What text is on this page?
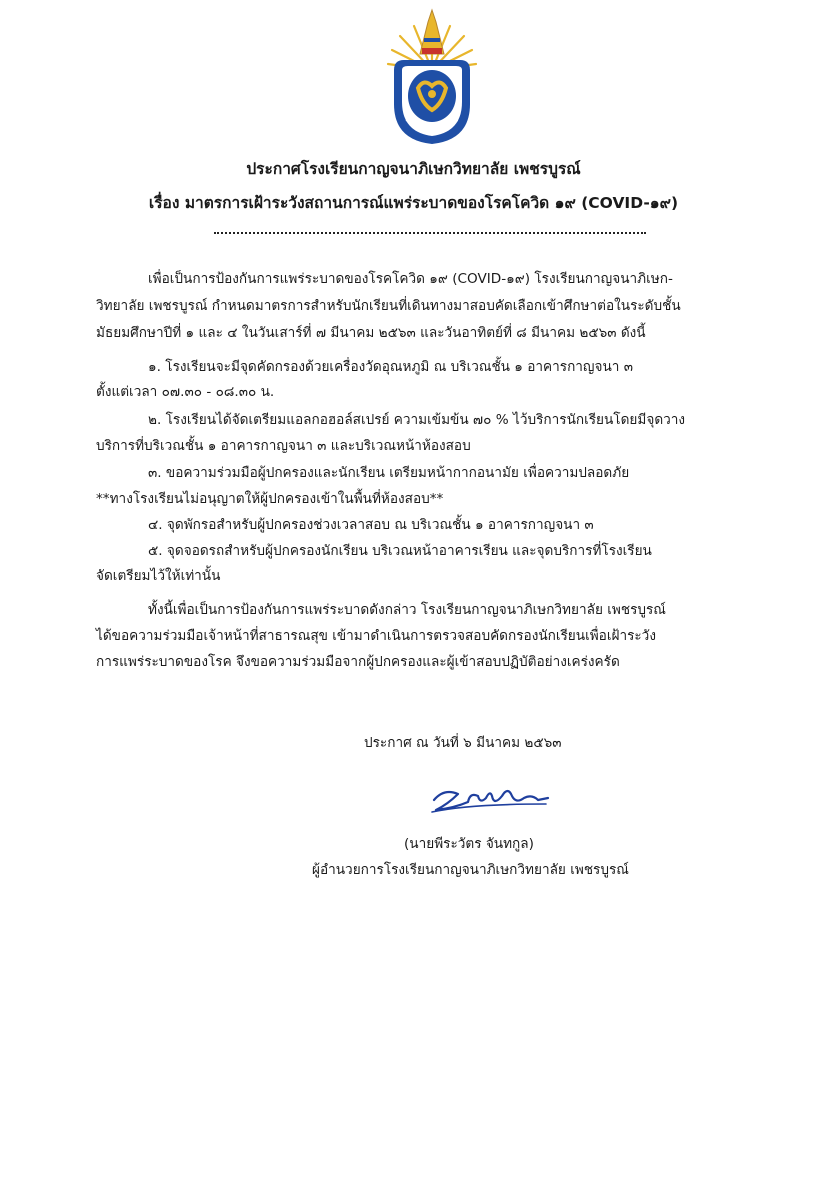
ประกาศโรงเรียนกาญจนาภิเษกวิทยาลัย เพชรบูรณ์
เรื่อง มาตรการเฝ้าระวังสถานการณ์แพร่ระบาดของโรคโควิด ๑๙ (COVID-๑๙)
เพื่อเป็นการป้องกันการแพร่ระบาดของโรคโควิด ๑๙ (COVID-๑๙) โรงเรียนกาญจนาภิเษก-
วิทยาลัย เพชรบูรณ์ กำหนดมาตรการสำหรับนักเรียนที่เดินทางมาสอบคัดเลือกเข้าศึกษาต่อในระดับชั้น
มัธยมศึกษาปีที่ ๑ และ ๔ ในวันเสาร์ที่ ๗ มีนาคม ๒๕๖๓ และวันอาทิตย์ที่ ๘ มีนาคม ๒๕๖๓ ดังนี้
๑. โรงเรียนจะมีจุดคัดกรองด้วยเครื่องวัดอุณหภูมิ ณ บริเวณชั้น ๑ อาคารกาญจนา ๓
ตั้งแต่เวลา ๐๗.๓๐ - ๐๘.๓๐ น.
๒. โรงเรียนได้จัดเตรียมแอลกอฮอล์สเปรย์ ความเข้มข้น ๗๐ % ไว้บริการนักเรียนโดยมีจุดวาง
บริการที่บริเวณชั้น ๑ อาคารกาญจนา ๓ และบริเวณหน้าห้องสอบ
๓. ขอความร่วมมือผู้ปกครองและนักเรียน เตรียมหน้ากากอนามัย เพื่อความปลอดภัย
**ทางโรงเรียนไม่อนุญาตให้ผู้ปกครองเข้าในพื้นที่ห้องสอบ**
๔. จุดพักรอสำหรับผู้ปกครองช่วงเวลาสอบ ณ บริเวณชั้น ๑ อาคารกาญจนา ๓
๕. จุดจอดรถสำหรับผู้ปกครองนักเรียน บริเวณหน้าอาคารเรียน และจุดบริการที่โรงเรียน
จัดเตรียมไว้ให้เท่านั้น
ทั้งนี้เพื่อเป็นการป้องกันการแพร่ระบาดดังกล่าว โรงเรียนกาญจนาภิเษกวิทยาลัย เพชรบูรณ์
ได้ขอความร่วมมือเจ้าหน้าที่สาธารณสุข เข้ามาดำเนินการตรวจสอบคัดกรองนักเรียนเพื่อเฝ้าระวัง
การแพร่ระบาดของโรค จึงขอความร่วมมือจากผู้ปกครองและผู้เข้าสอบปฏิบัติอย่างเคร่งครัด
ประกาศ ณ วันที่ ๖ มีนาคม ๒๕๖๓
(นายพีระวัตร จันทกูล)
ผู้อำนวยการโรงเรียนกาญจนาภิเษกวิทยาลัย เพชรบูรณ์
